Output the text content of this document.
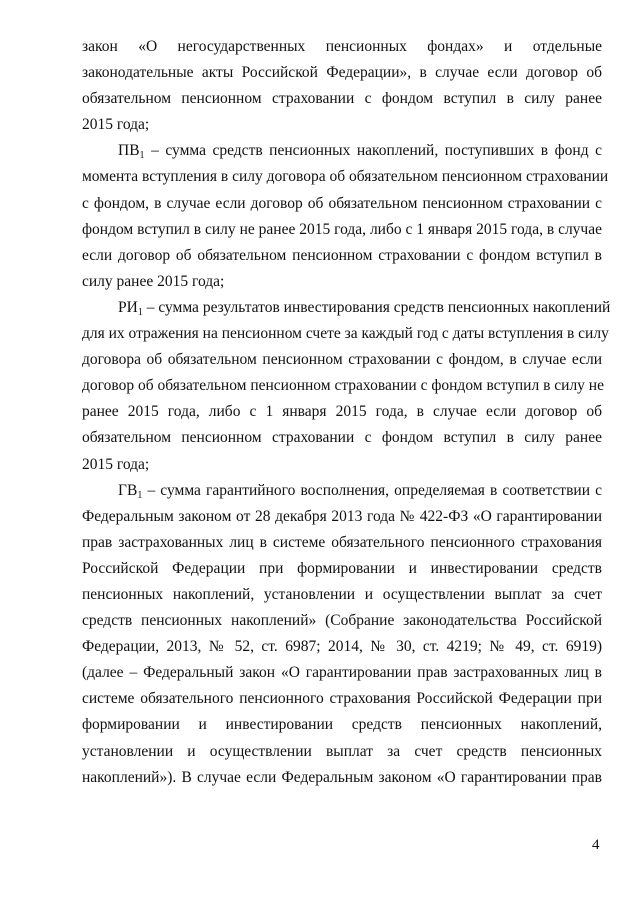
закон «О негосударственных пенсионных фондах» и отдельные
законодательные акты Российской Федерации», в случае если договор об
обязательном пенсионном страховании с фондом вступил в силу ранее
2015 года;
$ПВ_1$ – сумма средств пенсионных накоплений, поступивших в фонд с
момента вступления в силу договора об обязательном пенсионном страховании
с фондом, в случае если договор об обязательном пенсионном страховании с
фондом вступил в силу не ранее 2015 года, либо с 1 января 2015 года, в случае
если договор об обязательном пенсионном страховании с фондом вступил в
силу ранее 2015 года;
$РИ_1$ – сумма результатов инвестирования средств пенсионных накоплений
для их отражения на пенсионном счете за каждый год с даты вступления в силу
договора об обязательном пенсионном страховании с фондом, в случае если
договор об обязательном пенсионном страховании с фондом вступил в силу не
ранее 2015 года, либо с 1 января 2015 года, в случае если договор об
обязательном пенсионном страховании с фондом вступил в силу ранее
2015 года;
$ГВ_1$ – сумма гарантийного восполнения, определяемая в соответствии с
Федеральным законом от 28 декабря 2013 года № 422-ФЗ «О гарантировании
прав застрахованных лиц в системе обязательного пенсионного страхования
Российской Федерации при формировании и инвестировании средств
пенсионных накоплений, установлении и осуществлении выплат за счет
средств пенсионных накоплений» (Собрание законодательства Российской
Федерации, 2013, № 52, ст. 6987; 2014, № 30, ст. 4219; № 49, ст. 6919)
(далее – Федеральный закон «О гарантировании прав застрахованных лиц в
системе обязательного пенсионного страхования Российской Федерации при
формировании и инвестировании средств пенсионных накоплений,
установлении и осуществлении выплат за счет средств пенсионных
накоплений»). В случае если Федеральным законом «О гарантировании прав
4
